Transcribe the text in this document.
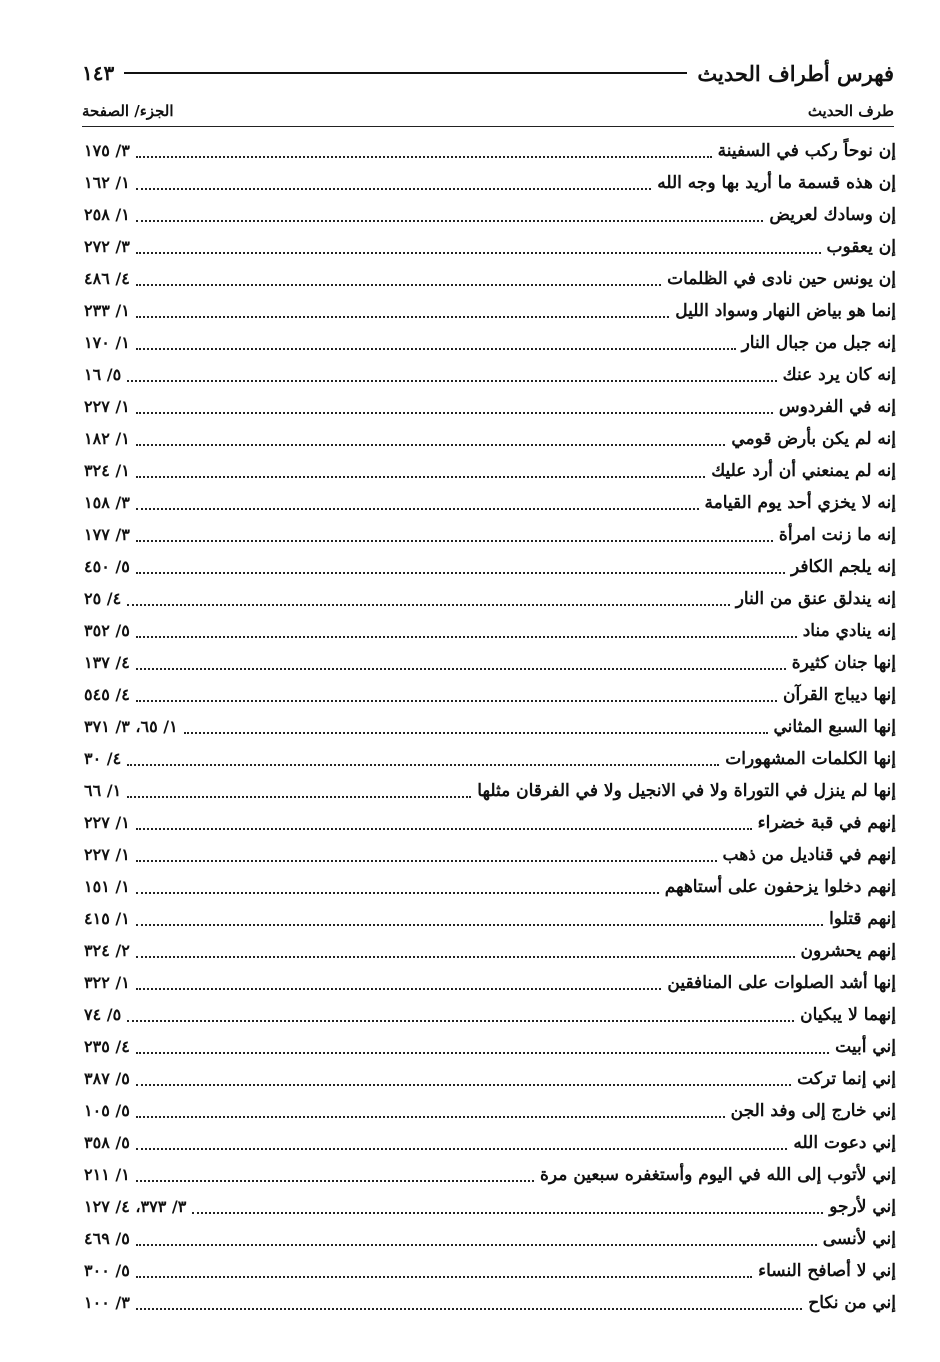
فهرس أطراف الحديث
١٤٣
طرف الحديث
الجزء/ الصفحة
إن نوحاً ركب في السفينة
٣/ ١٧٥
إن هذه قسمة ما أريد بها وجه الله
١/ ١٦٢
إن وسادك لعريض
١/ ٢٥٨
إن يعقوب
٣/ ٢٧٢
إن يونس حين نادى في الظلمات
٤/ ٤٨٦
إنما هو بياض النهار وسواد الليل
١/ ٢٣٣
إنه جبل من جبال النار
١/ ١٧٠
إنه كان يرد عنك
٥/ ١٦
إنه في الفردوس
١/ ٢٢٧
إنه لم يكن بأرض قومي
١/ ١٨٢
إنه لم يمنعني أن أرد عليك
١/ ٣٢٤
إنه لا يخزي أحد يوم القيامة
٣/ ١٥٨
إنه ما زنت امرأة
٣/ ١٧٧
إنه يلجم الكافر
٥/ ٤٥٠
إنه يندلق عنق من النار
٤/ ٢٥
إنه ينادي مناد
٥/ ٣٥٢
إنها جنان كثيرة
٤/ ١٣٧
إنها ديباج القرآن
٤/ ٥٤٥
إنها السبع المثاني
١/ ٦٥، ٣/ ٣٧١
إنها الكلمات المشهورات
٤/ ٣٠
إنها لم ينزل في التوراة ولا في الانجيل ولا في الفرقان مثلها
١/ ٦٦
إنهم في قبة خضراء
١/ ٢٢٧
إنهم في قناديل من ذهب
١/ ٢٢٧
إنهم دخلوا يزحفون على أستاههم
١/ ١٥١
إنهم قتلوا
١/ ٤١٥
إنهم يحشرون
٢/ ٣٢٤
إنها أشد الصلوات على المنافقين
١/ ٣٢٢
إنهما لا يبكيان
٥/ ٧٤
إني أبيت
٤/ ٢٣٥
إني إنما تركت
٥/ ٣٨٧
إني خارج إلى وفد الجن
٥/ ١٠٥
إني دعوت الله
٥/ ٣٥٨
إني لأتوب إلى الله في اليوم وأستغفره سبعين مرة
١/ ٢١١
إني لأرجو
٣/ ٣٧٣، ٤/ ١٢٧
إني لأنسى
٥/ ٤٦٩
إني لا أصافح النساء
٥/ ٣٠٠
إني من نكاح
٣/ ١٠٠
